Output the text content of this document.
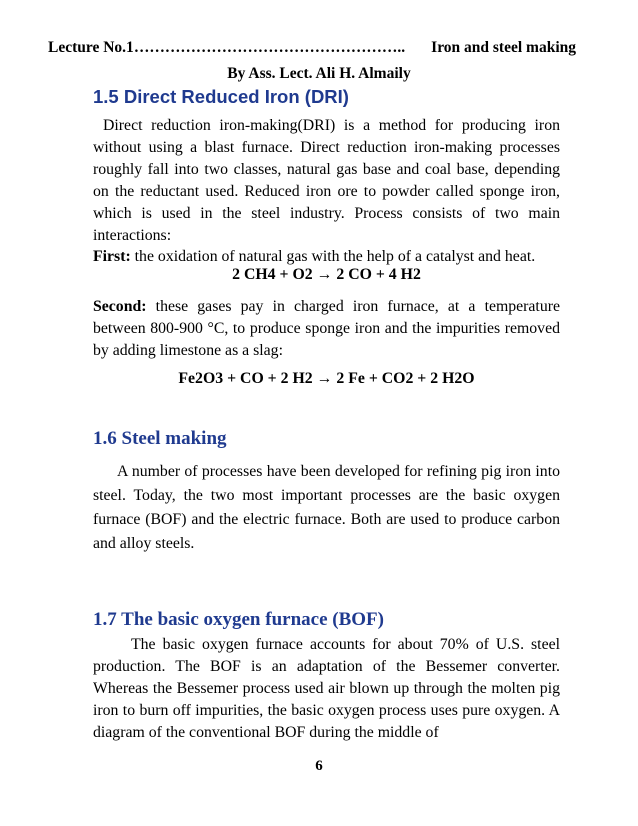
Lecture No.1 ……………………………………………..	Iron and steel making
By Ass. Lect. Ali H. Almaily
1.5 Direct Reduced Iron (DRI)

Direct reduction iron-making(DRI) is a method for producing iron without using a blast furnace. Direct reduction iron-making processes roughly fall into two classes, natural gas base and coal base, depending on the reductant used. Reduced iron ore to powder called sponge iron, which is used in the steel industry. Process consists of two main interactions:

First: the oxidation of natural gas with the help of a catalyst and heat.

2 CH4 + O2 → 2 CO + 4 H2

Second: these gases pay in charged iron furnace, at a temperature between 800-900 °C, to produce sponge iron and the impurities removed by adding limestone as a slag:

Fe2O3 + CO + 2 H2 → 2 Fe + CO2 + 2 H2O
1.6 Steel making

A number of processes have been developed for refining pig iron into steel. Today, the two most important processes are the basic oxygen furnace (BOF) and the electric furnace. Both are used to produce carbon and alloy steels.

1.7 The basic oxygen furnace (BOF)

The basic oxygen furnace accounts for about 70% of U.S. steel production. The BOF is an adaptation of the Bessemer converter. Whereas the Bessemer process used air blown up through the molten pig iron to burn off impurities, the basic oxygen process uses pure oxygen. A diagram of the conventional BOF during the middle of

6
